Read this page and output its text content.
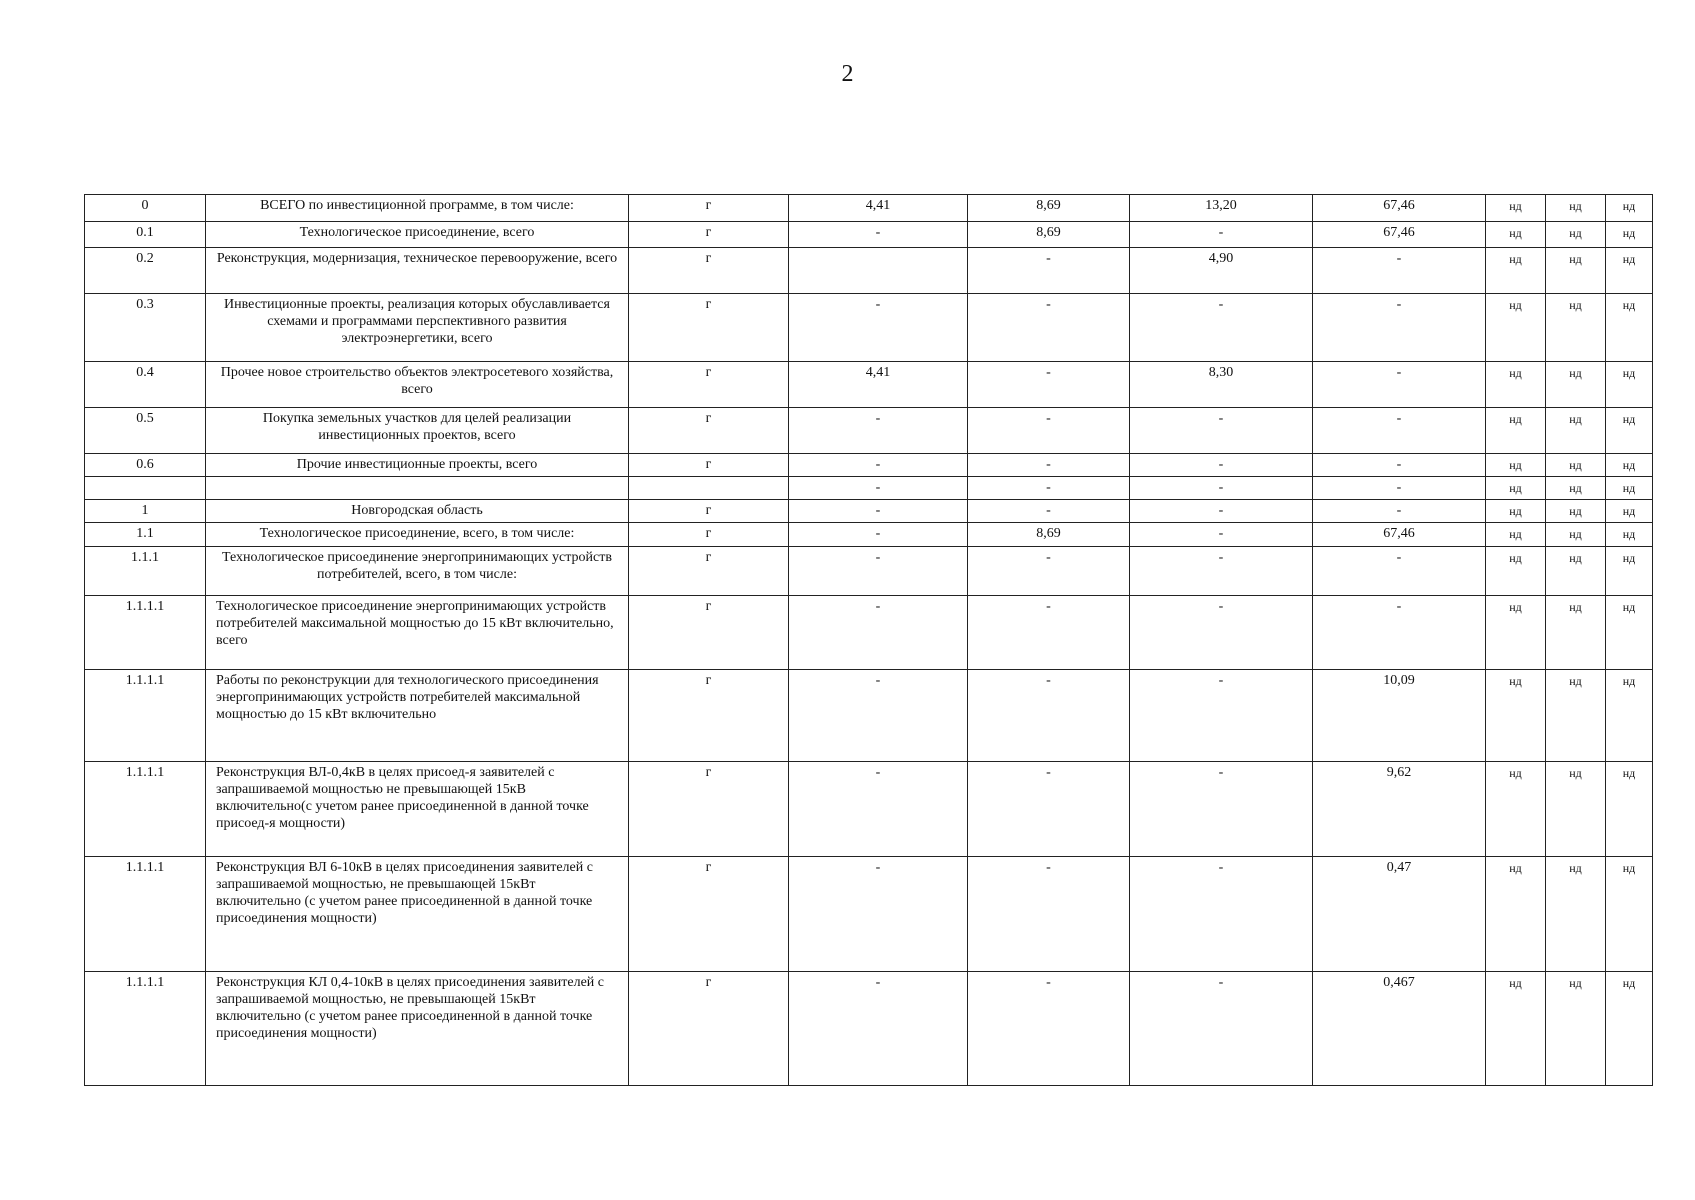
2
0	ВСЕГО по инвестиционной программе, в том числе:	г	4,41	8,69	13,20	67,46	нд	нд	нд
0.1	Технологическое присоединение, всего	г	-	8,69	-	67,46	нд	нд	нд
0.2	Реконструкция, модернизация, техническое перевооружение, всего	г		-	4,90	-	нд	нд	нд
0.3	Инвестиционные проекты, реализация которых обуславливается схемами и программами перспективного развития электроэнергетики, всего	г	-	-	-	-	нд	нд	нд
0.4	Прочее новое строительство объектов электросетевого хозяйства, всего	г	4,41	-	8,30	-	нд	нд	нд
0.5	Покупка земельных участков для целей реализации инвестиционных проектов, всего	г	-	-	-	-	нд	нд	нд
0.6	Прочие инвестиционные проекты, всего	г	-	-	-	-	нд	нд	нд
			-	-	-	-	нд	нд	нд
1	Новгородская область	г	-	-	-	-	нд	нд	нд
1.1	Технологическое присоединение, всего, в том числе:	г	-	8,69	-	67,46	нд	нд	нд
1.1.1	Технологическое присоединение энергопринимающих устройств потребителей, всего, в том числе:	г	-	-	-	-	нд	нд	нд
1.1.1.1	Технологическое присоединение энергопринимающих устройств потребителей максимальной мощностью до 15 кВт включительно, всего	г	-	-	-	-	нд	нд	нд
1.1.1.1	Работы по реконструкции для технологического присоединения энергопринимающих устройств потребителей максимальной мощностью до 15 кВт включительно	г	-	-	-	10,09	нд	нд	нд
1.1.1.1	Реконструкция ВЛ-0,4кВ в целях присоед-я заявителей с запрашиваемой мощностью не превышающей 15кВ включительно(с учетом ранее присоединенной в данной точке присоед-я мощности)	г	-	-	-	9,62	нд	нд	нд
1.1.1.1	Реконструкция ВЛ 6-10кВ в целях присоединения заявителей с запрашиваемой мощностью, не превышающей 15кВт включительно (с учетом ранее присоединенной в данной точке присоединения мощности)	г	-	-	-	0,47	нд	нд	нд
1.1.1.1	Реконструкция КЛ 0,4-10кВ в целях присоединения заявителей с запрашиваемой мощностью, не превышающей 15кВт включительно (с учетом ранее присоединенной в данной точке присоединения мощности)	г	-	-	-	0,467	нд	нд	нд
